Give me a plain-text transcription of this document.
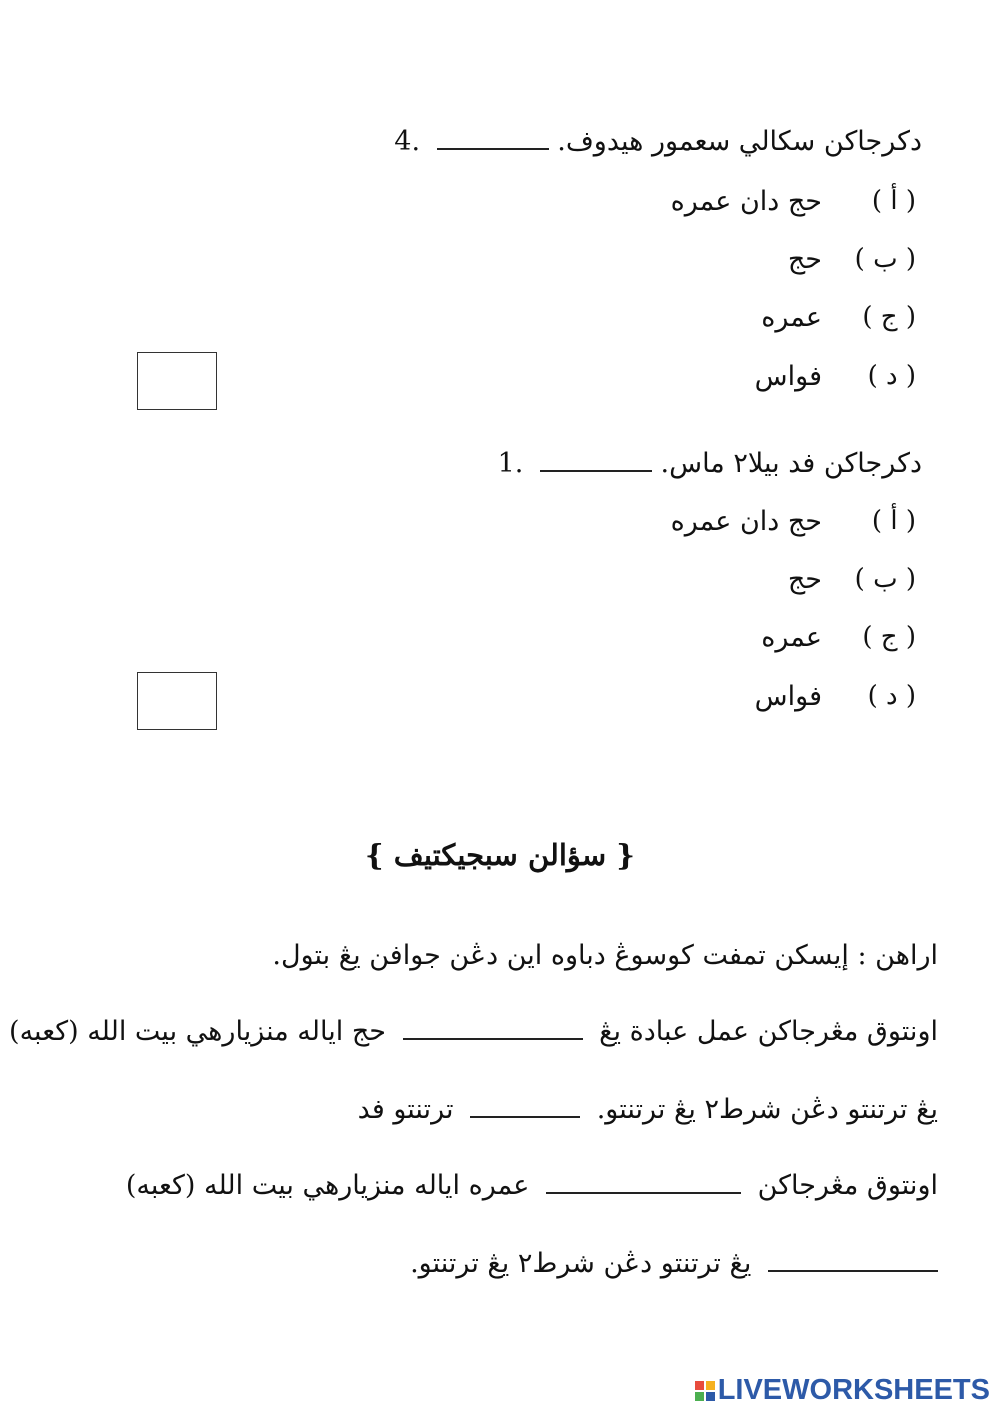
دكرجاكن سكالي سعمور هيدوف.  .4
( أ )
حج دان عمره
( ب )
حج
( ج )
عمره
( د )
فواس
دكرجاكن فد بيلا٢ ماس.  .1
( أ )
حج دان عمره
( ب )
حج
( ج )
عمره
( د )
فواس
{ سؤالن سبجيكتيف }
اراهن : إيسكن تمفت كوسوڠ دباوه اين دڠن جوافن يڠ بتول.
اونتوق مڠرجاكن عمل عبادة يڠ  حج اياله منزيارهي بيت الله (كعبه)
يڠ ترتنتو دڠن شرط٢ يڠ ترتنتو.  ترتنتو فد
اونتوق مڠرجاكن  عمره اياله منزيارهي بيت الله (كعبه)
يڠ ترتنتو دڠن شرط٢ يڠ ترتنتو.
LIVEWORKSHEETS
